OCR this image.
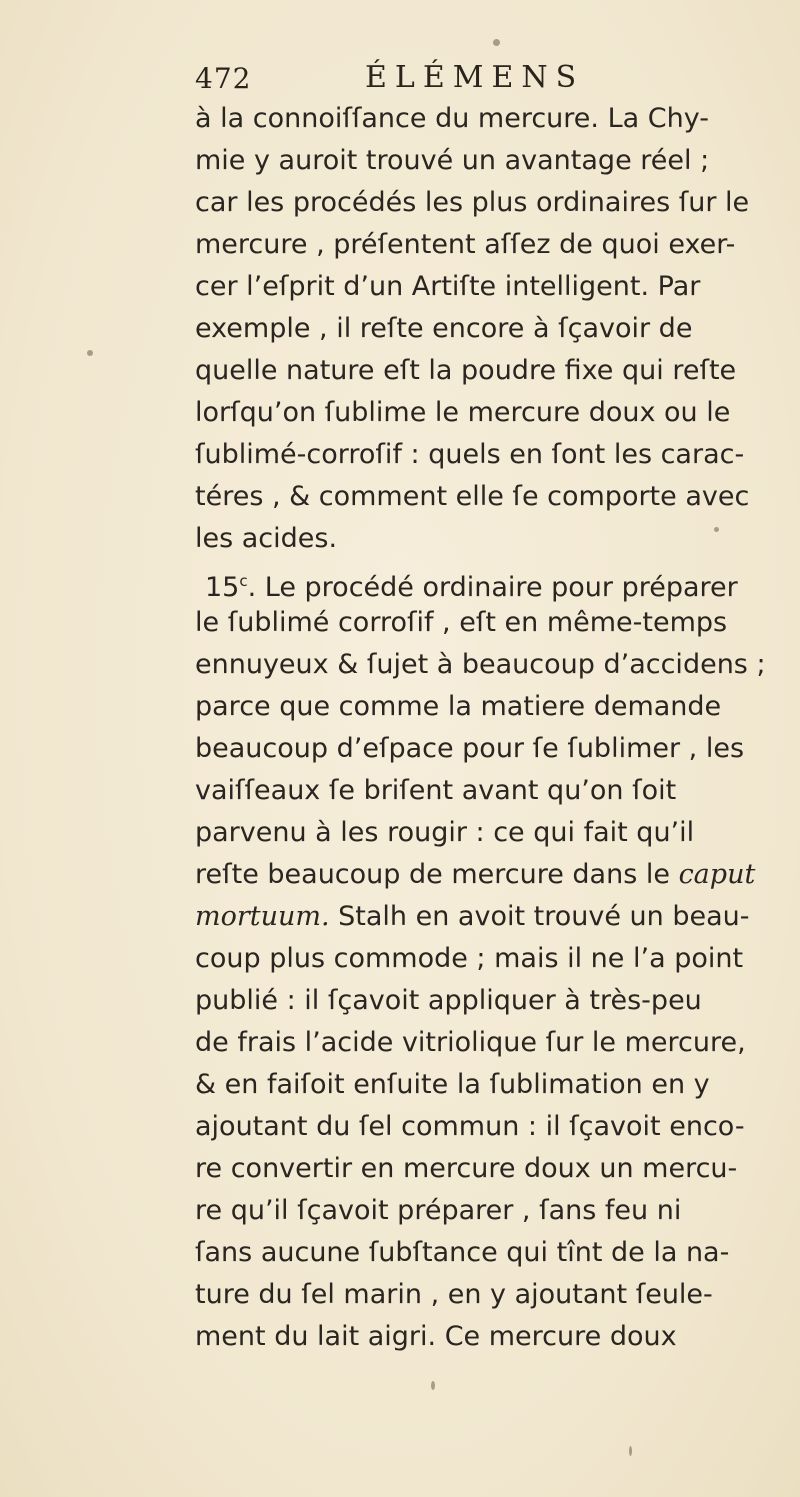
472	ÉLÉMENS
à la connoiſſance du mercure. La Chy-
mie y auroit trouvé un avantage réel ;
car les procédés les plus ordinaires ſur le
mercure , préſentent aſſez de quoi exer-
cer l’eſprit d’un Artiſte intelligent. Par
exemple , il reſte encore à ſçavoir de
quelle nature eſt la poudre fixe qui reſte
lorſqu’on ſublime le mercure doux ou le
ſublimé-corroſif : quels en ſont les carac-
téres , & comment elle ſe comporte avec
les acides.
15$^c$. Le procédé ordinaire pour préparer
le ſublimé corroſif , eſt en même-temps
ennuyeux & ſujet à beaucoup d’accidens ;
parce que comme la matiere demande
beaucoup d’eſpace pour ſe ſublimer , les
vaiſſeaux ſe briſent avant qu’on ſoit
parvenu à les rougir : ce qui fait qu’il
reſte beaucoup de mercure dans le caput
mortuum. Stalh en avoit trouvé un beau-
coup plus commode ; mais il ne l’a point
publié : il ſçavoit appliquer à très-peu
de frais l’acide vitriolique ſur le mercure,
& en faiſoit enſuite la ſublimation en y
ajoutant du ſel commun : il ſçavoit enco-
re convertir en mercure doux un mercu-
re qu’il ſçavoit préparer , ſans feu ni
ſans aucune ſubſtance qui tînt de la na-
ture du ſel marin , en y ajoutant ſeule-
ment du lait aigri. Ce mercure doux
